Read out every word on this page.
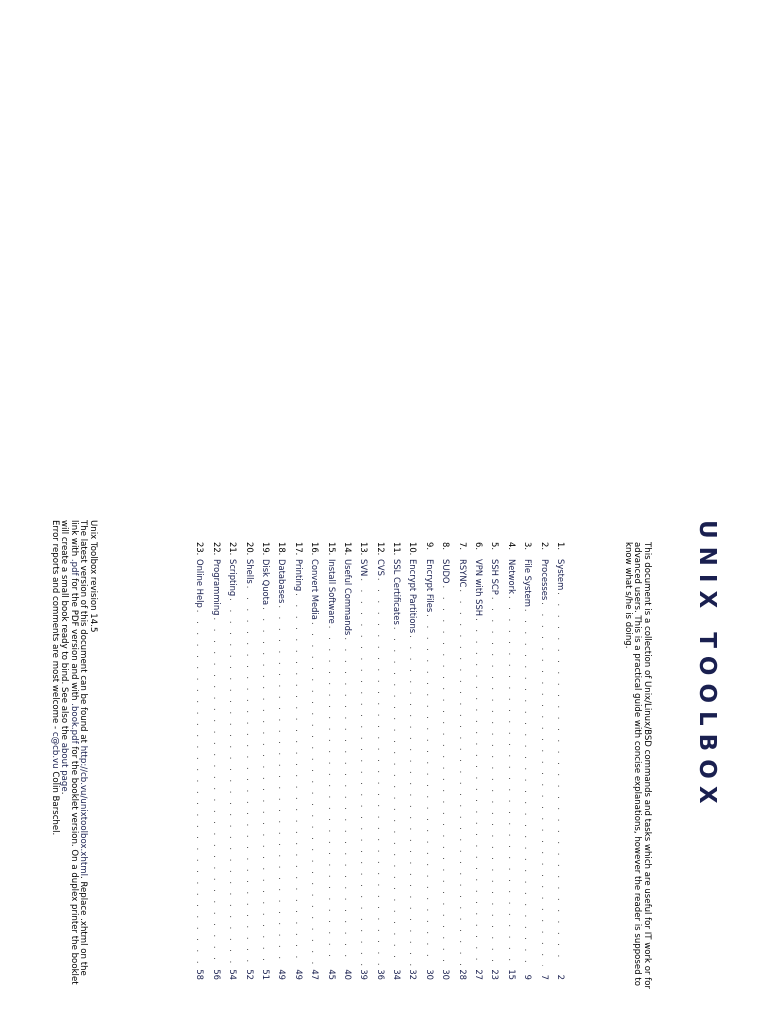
UNIX TOOLBOX
This document is a collection of Unix/Linux/BSD commands and tasks which are useful for IT work or for advanced users. This is a practical guide with concise explanations, however the reader is supposed to know what s/he is doing.
1.
System
. . .
2
2.
Processes
. . .
7
3.
File System
. . .
9
4.
Network
. . .
15
5.
SSH SCP
. . .
23
6.
VPN with SSH
. . .
27
7.
RSYNC
. . .
28
8.
SUDO
. . .
30
9.
Encrypt Files
. . .
30
10.
Encrypt Partitions
. . .
32
11.
SSL Certificates
. . .
34
12.
CVS
. . .
36
13.
SVN
. . .
39
14.
Useful Commands
. . .
40
15.
Install Software
. . .
45
16.
Convert Media
. . .
47
17.
Printing
. . .
49
18.
Databases
. . .
49
19.
Disk Quota
. . .
51
20.
Shells
. . .
52
21.
Scripting
. . .
54
22.
Programming
. . .
56
23.
Online Help
. . .
58
Unix Toolbox revision 14.5
The latest version of this document can be found at http://cb.vu/unixtoolbox.xhtml. Replace .xhtml on the link with .pdf for the PDF version and with .book.pdf for the booklet version. On a duplex printer the booklet will create a small book ready to bind. See also the about page.
Error reports and comments are most welcome - c@cb.vu Colin Barschel.
